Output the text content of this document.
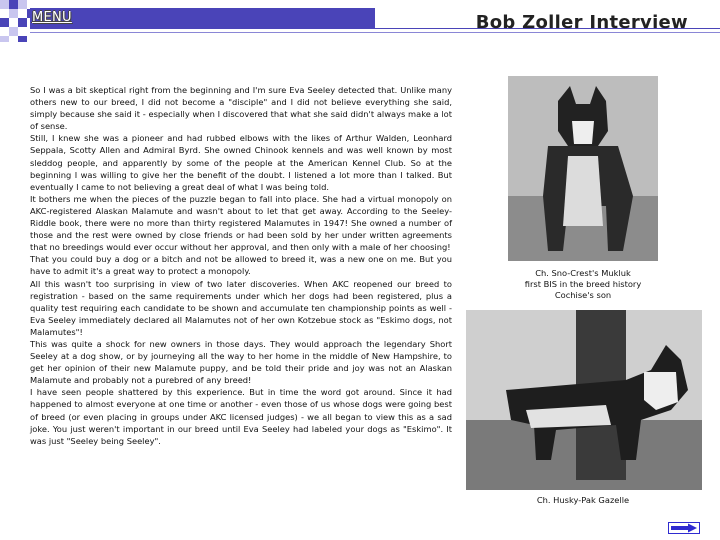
MENU	Bob Zoller Interview

So I was a bit skeptical right from the beginning and I'm sure Eva Seeley detected that. Unlike many others new to our breed, I did not become a "disciple" and I did not believe everything she said, simply because she said it - especially when I discovered that what she said didn't always make a lot of sense.

Still, I knew she was a pioneer and had rubbed elbows with the likes of Arthur Walden, Leonhard Seppala, Scotty Allen and Admiral Byrd. She owned Chinook kennels and was well known by most sleddog people, and apparently by some of the people at the American Kennel Club. So at the beginning I was willing to give her the benefit of the doubt. I listened a lot more than I talked. But eventually I came to not believing a great deal of what I was being told.

It bothers me when the pieces of the puzzle began to fall into place. She had a virtual monopoly on AKC-registered Alaskan Malamute and wasn't about to let that get away. According to the Seeley-Riddle book, there were no more than thirty registered Malamutes in 1947! She owned a number of those and the rest were owned by close friends or had been sold by her under written agreements that no breedings would ever occur without her approval, and then only with a male of her choosing!

That you could buy a dog or a bitch and not be allowed to breed it, was a new one on me. But you have to admit it's a great way to protect a monopoly.

All this wasn't too surprising in view of two later discoveries. When AKC reopened our breed to registration - based on the same requirements under which her dogs had been registered, plus a quality test requiring each candidate to be shown and accumulate ten championship points as well - Eva Seeley immediately declared all Malamutes not of her own Kotzebue stock as "Eskimo dogs, not Malamutes"!

This was quite a shock for new owners in those days. They would approach the legendary Short Seeley at a dog show, or by journeying all the way to her home in the middle of New Hampshire, to get her opinion of their new Malamute puppy, and be told their pride and joy was not an Alaskan Malamute and probably not a purebred of any breed!

I have seen people shattered by this experience. But in time the word got around. Since it had happened to almost everyone at one time or another - even those of us whose dogs were going best of breed (or even placing in groups under AKC licensed judges) - we all began to view this as a sad joke. You just weren't important in our breed until Eva Seeley had labeled your dogs as "Eskimo". It was just "Seeley being Seeley".

Ch. Sno-Crest's Mukluk
first BIS in the breed history
Cochise's son
Ch. Husky-Pak Gazelle
